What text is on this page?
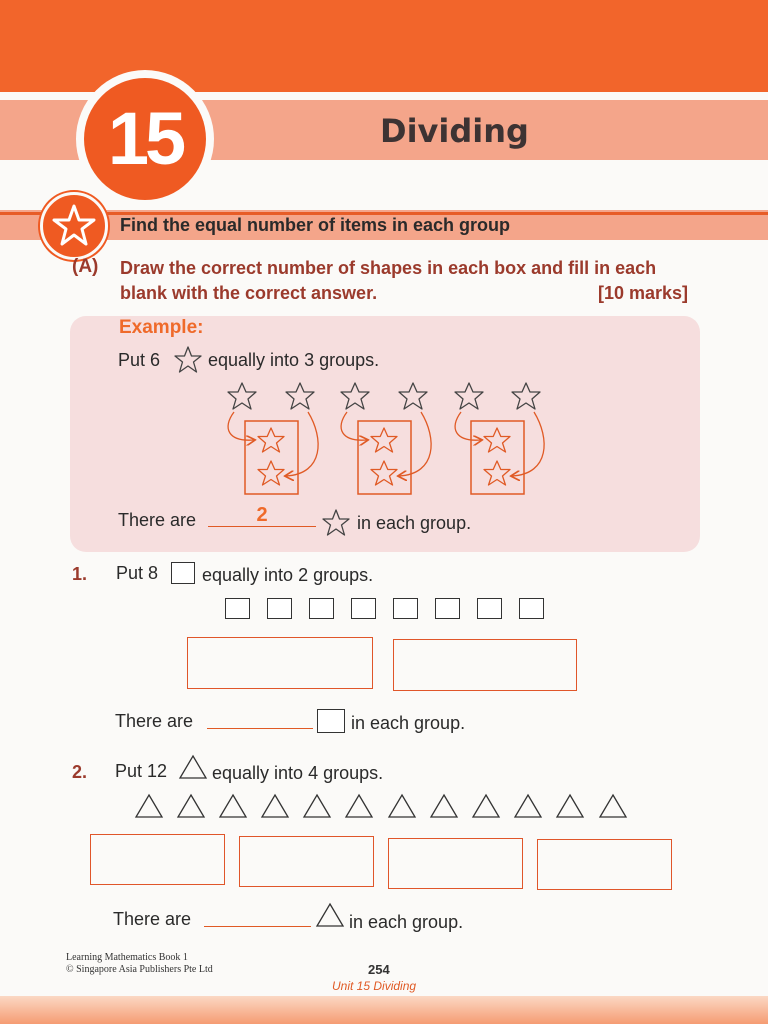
15	Dividing
Find the equal number of items in each group
(A) Draw the correct number of shapes in each box and fill in each blank with the correct answer.	[10 marks]
Example:
Put 6	equally into 3 groups.
There are	2	in each group.
1. Put 8 equally into 2 groups.
There are	in each group.
2. Put 12 equally into 4 groups.
There are	in each group.
Learning Mathematics Book 1
© Singapore Asia Publishers Pte Ltd	254
Unit 15 Dividing
